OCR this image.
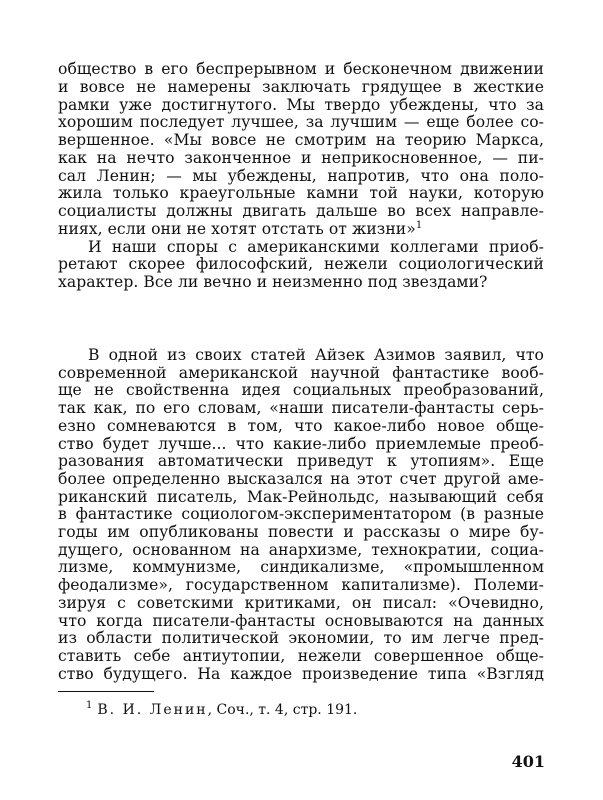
общество в его беспрерывном и бесконечном движении
и вовсе не намерены заключать грядущее в жесткие
рамки уже достигнутого. Мы твердо убеждены, что за
хорошим последует лучшее, за лучшим — еще более со-
вершенное. «Мы вовсе не смотрим на теорию Маркса,
как на нечто законченное и неприкосновенное, — пи-
сал Ленин; — мы убеждены, напротив, что она поло-
жила только краеугольные камни той науки, которую
социалисты должны двигать дальше во всех направле-
ниях, если они не хотят отстать от жизни»$^1$
И наши споры с американскими коллегами приоб-
ретают скорее философский, нежели социологический
характер. Все ли вечно и неизменно под звездами?
В одной из своих статей Айзек Азимов заявил, что
современной американской научной фантастике вооб-
ще не свойственна идея социальных преобразований,
так как, по его словам, «наши писатели-фантасты серь-
езно сомневаются в том, что какое-либо новое обще-
ство будет лучше... что какие-либо приемлемые преоб-
разования автоматически приведут к утопиям». Еще
более определенно высказался на этот счет другой аме-
риканский писатель, Мак-Рейнольдс, называющий себя
в фантастике социологом-экспериментатором (в разные
годы им опубликованы повести и рассказы о мире бу-
дущего, основанном на анархизме, технократии, социа-
лизме, коммунизме, синдикализме, «промышленном
феодализме», государственном капитализме). Полеми-
зируя с советскими критиками, он писал: «Очевидно,
$^1$ В. И. Ленин, Соч., т. 4, стр. 191.
401
что когда писатели-фантасты основываются на данных
из области политической экономии, то им легче пред-
ставить себе антиутопии, нежели совершенное обще-
ство будущего. На каждое произведение типа «Взгляд
